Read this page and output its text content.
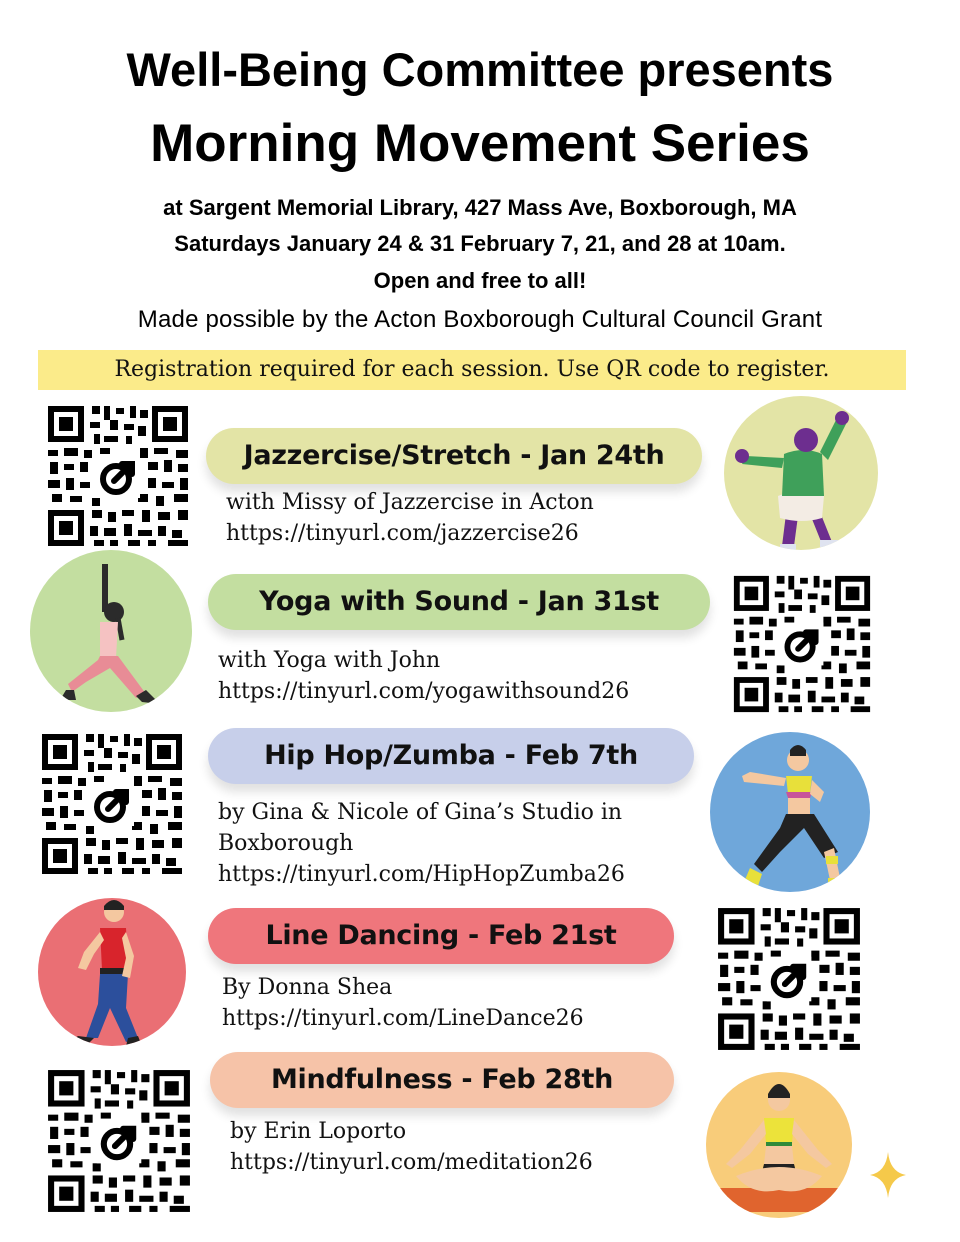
Well-Being Committee presents
Morning Movement Series
at Sargent Memorial Library, 427 Mass Ave, Boxborough, MA
Saturdays January 24 & 31 February 7, 21, and 28 at 10am.
Open and free to all!
Made possible by the Acton Boxborough Cultural Council Grant
Registration required for each session. Use QR code to register.
Jazzercise/Stretch - Jan 24th
with Missy of Jazzercise in Acton
https://tinyurl.com/jazzercise26
Yoga with Sound - Jan 31st
with Yoga with John
https://tinyurl.com/yogawithsound26
Hip Hop/Zumba - Feb 7th
by Gina & Nicole of Gina’s Studio in
Boxborough
https://tinyurl.com/HipHopZumba26
Line Dancing - Feb 21st
By Donna Shea
https://tinyurl.com/LineDance26
Mindfulness - Feb 28th
by Erin Loporto
https://tinyurl.com/meditation26
